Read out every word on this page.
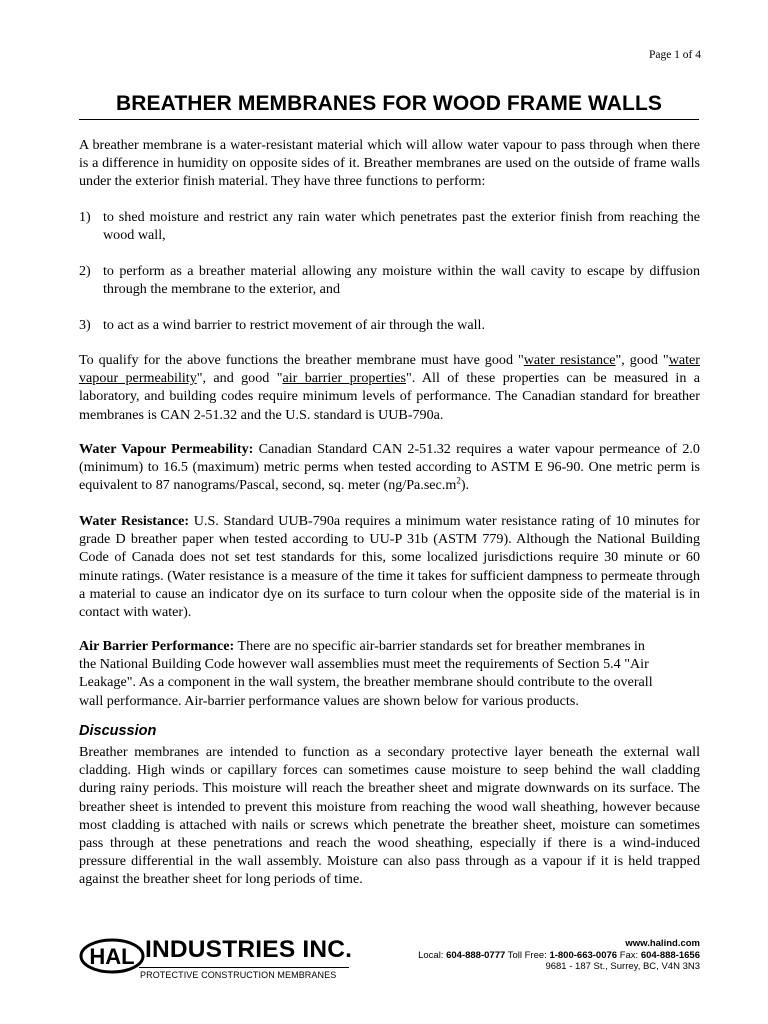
Page 1 of 4
BREATHER MEMBRANES FOR WOOD FRAME WALLS

A breather membrane is a water-resistant material which will allow water vapour to pass through when there is a difference in humidity on opposite sides of it. Breather membranes are used on the outside of frame walls under the exterior finish material. They have three functions to perform:

1) to shed moisture and restrict any rain water which penetrates past the exterior finish from reaching the wood wall,
2) to perform as a breather material allowing any moisture within the wall cavity to escape by diffusion through the membrane to the exterior, and
3) to act as a wind barrier to restrict movement of air through the wall.

To qualify for the above functions the breather membrane must have good "water resistance", good "water vapour permeability", and good "air barrier properties". All of these properties can be measured in a laboratory, and building codes require minimum levels of performance. The Canadian standard for breather membranes is CAN 2-51.32 and the U.S. standard is UUB-790a.

Water Vapour Permeability: Canadian Standard CAN 2-51.32 requires a water vapour permeance of 2.0 (minimum) to 16.5 (maximum) metric perms when tested according to ASTM E 96-90. One metric perm is equivalent to 87 nanograms/Pascal, second, sq. meter $(ng/Pa.\sec.m^2)$.

Water Resistance: U.S. Standard UUB-790a requires a minimum water resistance rating of 10 minutes for grade D breather paper when tested according to UU-P 31b (ASTM 779). Although the National Building Code of Canada does not set test standards for this, some localized jurisdictions require 30 minute or 60 minute ratings. (Water resistance is a measure of the time it takes for sufficient dampness to permeate through a material to cause an indicator dye on its surface to turn colour when the opposite side of the material is in contact with water).

Air Barrier Performance: There are no specific air-barrier standards set for breather membranes in
the National Building Code however wall assemblies must meet the requirements of Section 5.4 "Air
Leakage". As a component in the wall system, the breather membrane should contribute to the overall
wall performance. Air-barrier performance values are shown below for various products.

Discussion

Breather membranes are intended to function as a secondary protective layer beneath the external wall cladding. High winds or capillary forces can sometimes cause moisture to seep behind the wall cladding during rainy periods. This moisture will reach the breather sheet and migrate downwards on its surface. The breather sheet is intended to prevent this moisture from reaching the wood wall sheathing, however because most cladding is attached with nails or screws which penetrate the breather sheet, moisture can sometimes pass through at these penetrations and reach the wood sheathing, especially if there is a wind-induced pressure differential in the wall assembly. Moisture can also pass through as a vapour if it is held trapped against the breather sheet for long periods of time.

HAL INDUSTRIES INC.
PROTECTIVE CONSTRUCTION MEMBRANES
www.halind.com
Local: 604-888-0777 Toll Free: 1-800-663-0076 Fax: 604-888-1656
9681 - 187 St., Surrey, BC, V4N 3N3
